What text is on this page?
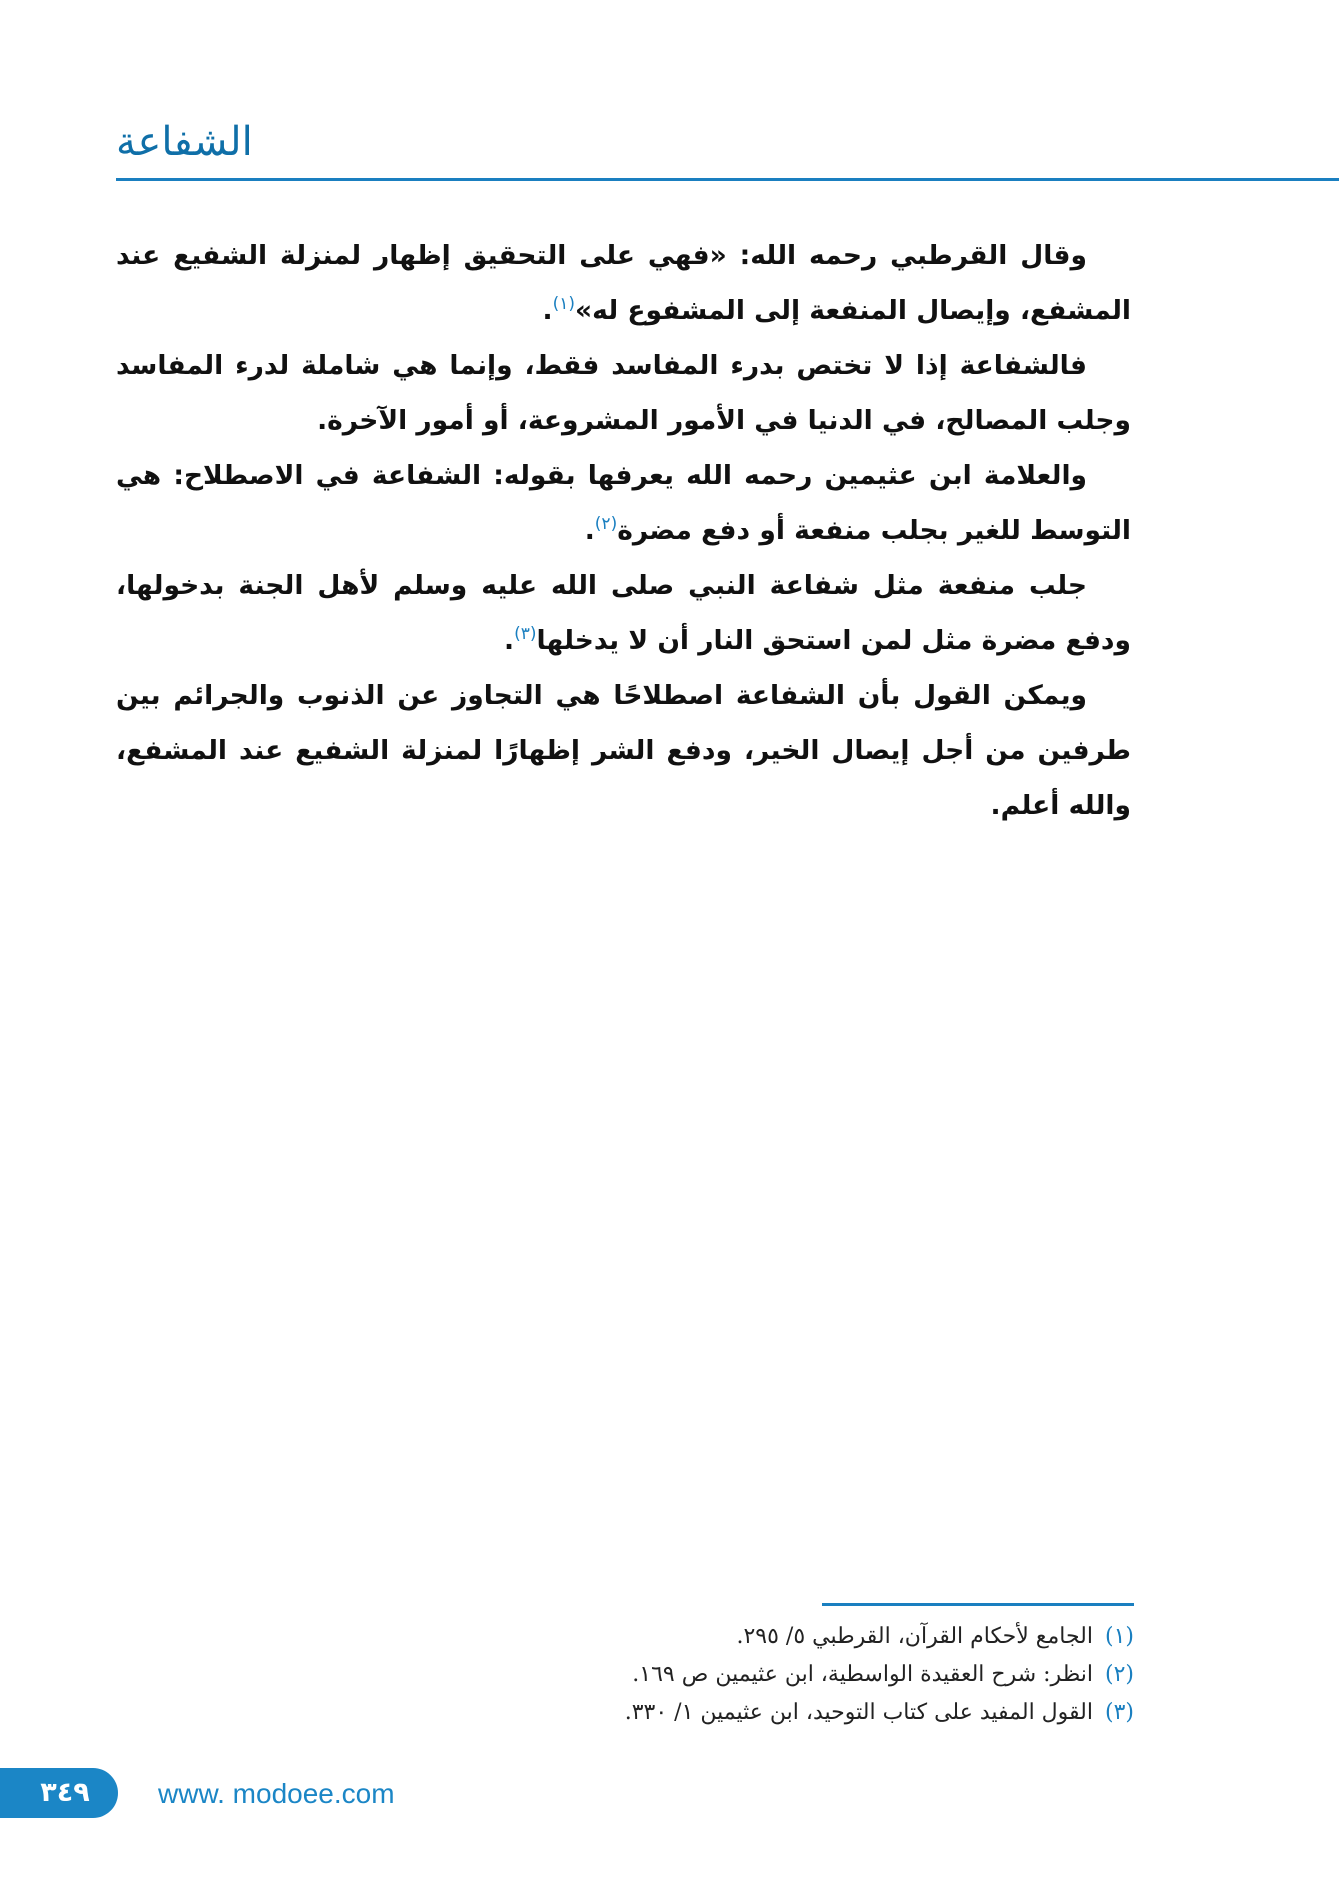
الشفاعة

وقال القرطبي رحمه الله: «فهي على التحقيق إظهار لمنزلة الشفيع عند المشفع، وإيصال المنفعة إلى المشفوع له»$^{(١)}$.

فالشفاعة إذا لا تختص بدرء المفاسد فقط، وإنما هي شاملة لدرء المفاسد وجلب المصالح، في الدنيا في الأمور المشروعة، أو أمور الآخرة.

والعلامة ابن عثيمين رحمه الله يعرفها بقوله: الشفاعة في الاصطلاح: هي التوسط للغير بجلب منفعة أو دفع مضرة$^{(٢)}$.

جلب منفعة مثل شفاعة النبي صلى الله عليه وسلم لأهل الجنة بدخولها، ودفع مضرة مثل لمن استحق النار أن لا يدخلها$^{(٣)}$.

ويمكن القول بأن الشفاعة اصطلاحًا هي التجاوز عن الذنوب والجرائم بين طرفين من أجل إيصال الخير، ودفع الشر إظهارًا لمنزلة الشفيع عند المشفع، والله أعلم.

(١)
الجامع لأحكام القرآن، القرطبي ٥/ ٢٩٥.
(٢)
انظر: شرح العقيدة الواسطية، ابن عثيمين ص ١٦٩.
(٣)
القول المفيد على كتاب التوحيد، ابن عثيمين ١/ ٣٣٠.
٣٤٩	www. modoee.com
